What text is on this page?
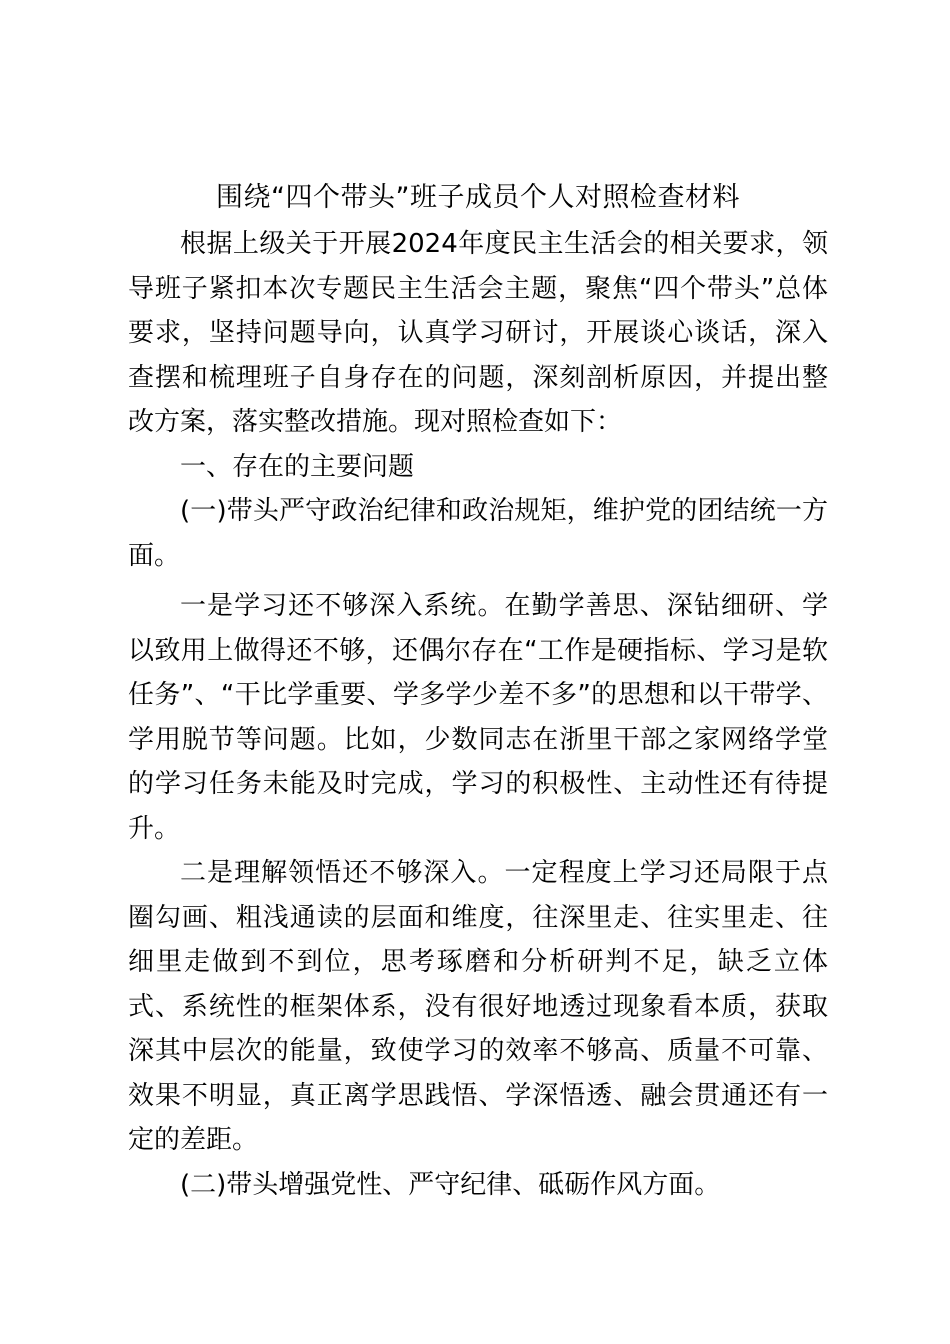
围绕“四个带头”班子成员个人对照检查材料

根据上级关于开展2024年度民主生活会的相关要求，领导班子紧扣本次专题民主生活会主题，聚焦“四个带头”总体要求，坚持问题导向，认真学习研讨，开展谈心谈话，深入查摆和梳理班子自身存在的问题，深刻剖析原因，并提出整改方案，落实整改措施。现对照检查如下：

一、存在的主要问题

(一)带头严守政治纪律和政治规矩，维护党的团结统一方面。

一是学习还不够深入系统。在勤学善思、深钻细研、学以致用上做得还不够，还偶尔存在“工作是硬指标、学习是软任务”、“干比学重要、学多学少差不多”的思想和以干带学、学用脱节等问题。比如，少数同志在浙里干部之家网络学堂的学习任务未能及时完成，学习的积极性、主动性还有待提升。

二是理解领悟还不够深入。一定程度上学习还局限于点圈勾画、粗浅通读的层面和维度，往深里走、往实里走、往细里走做到不到位，思考琢磨和分析研判不足，缺乏立体式、系统性的框架体系，没有很好地透过现象看本质，获取深其中层次的能量，致使学习的效率不够高、质量不可靠、效果不明显，真正离学思践悟、学深悟透、融会贯通还有一定的差距。

(二)带头增强党性、严守纪律、砥砺作风方面。
